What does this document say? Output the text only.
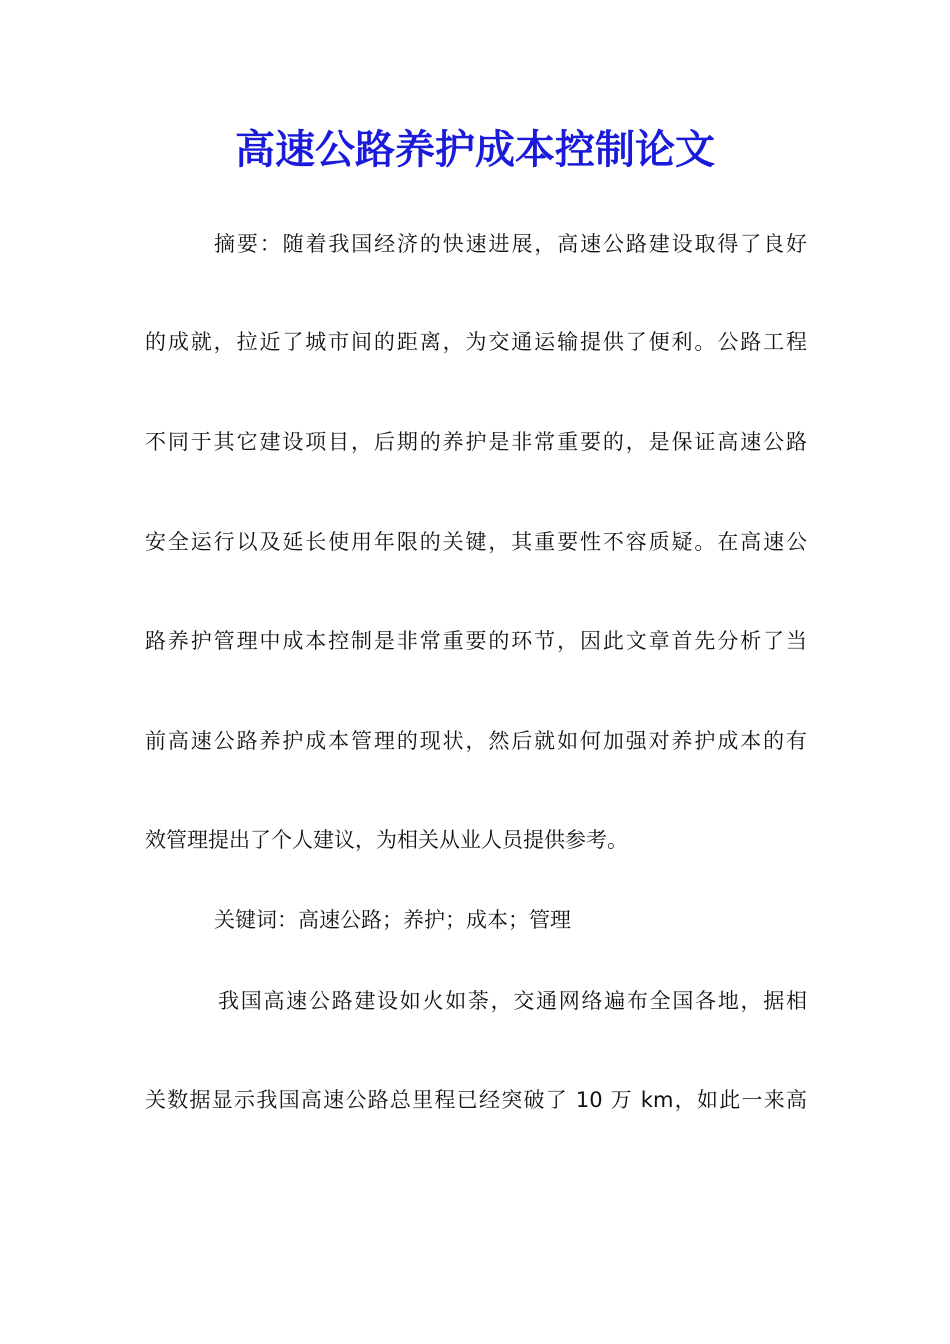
高速公路养护成本控制论文

摘要：随着我国经济的快速进展，高速公路建设取得了良好

的成就，拉近了城市间的距离，为交通运输提供了便利。公路工程

不同于其它建设项目，后期的养护是非常重要的，是保证高速公路

安全运行以及延长使用年限的关键，其重要性不容质疑。在高速公

路养护管理中成本控制是非常重要的环节，因此文章首先分析了当

前高速公路养护成本管理的现状，然后就如何加强对养护成本的有

效管理提出了个人建议，为相关从业人员提供参考。

关键词：高速公路；养护；成本；管理

我国高速公路建设如火如荼，交通网络遍布全国各地，据相

关数据显示我国高速公路总里程已经突破了 10 万 km，如此一来高
